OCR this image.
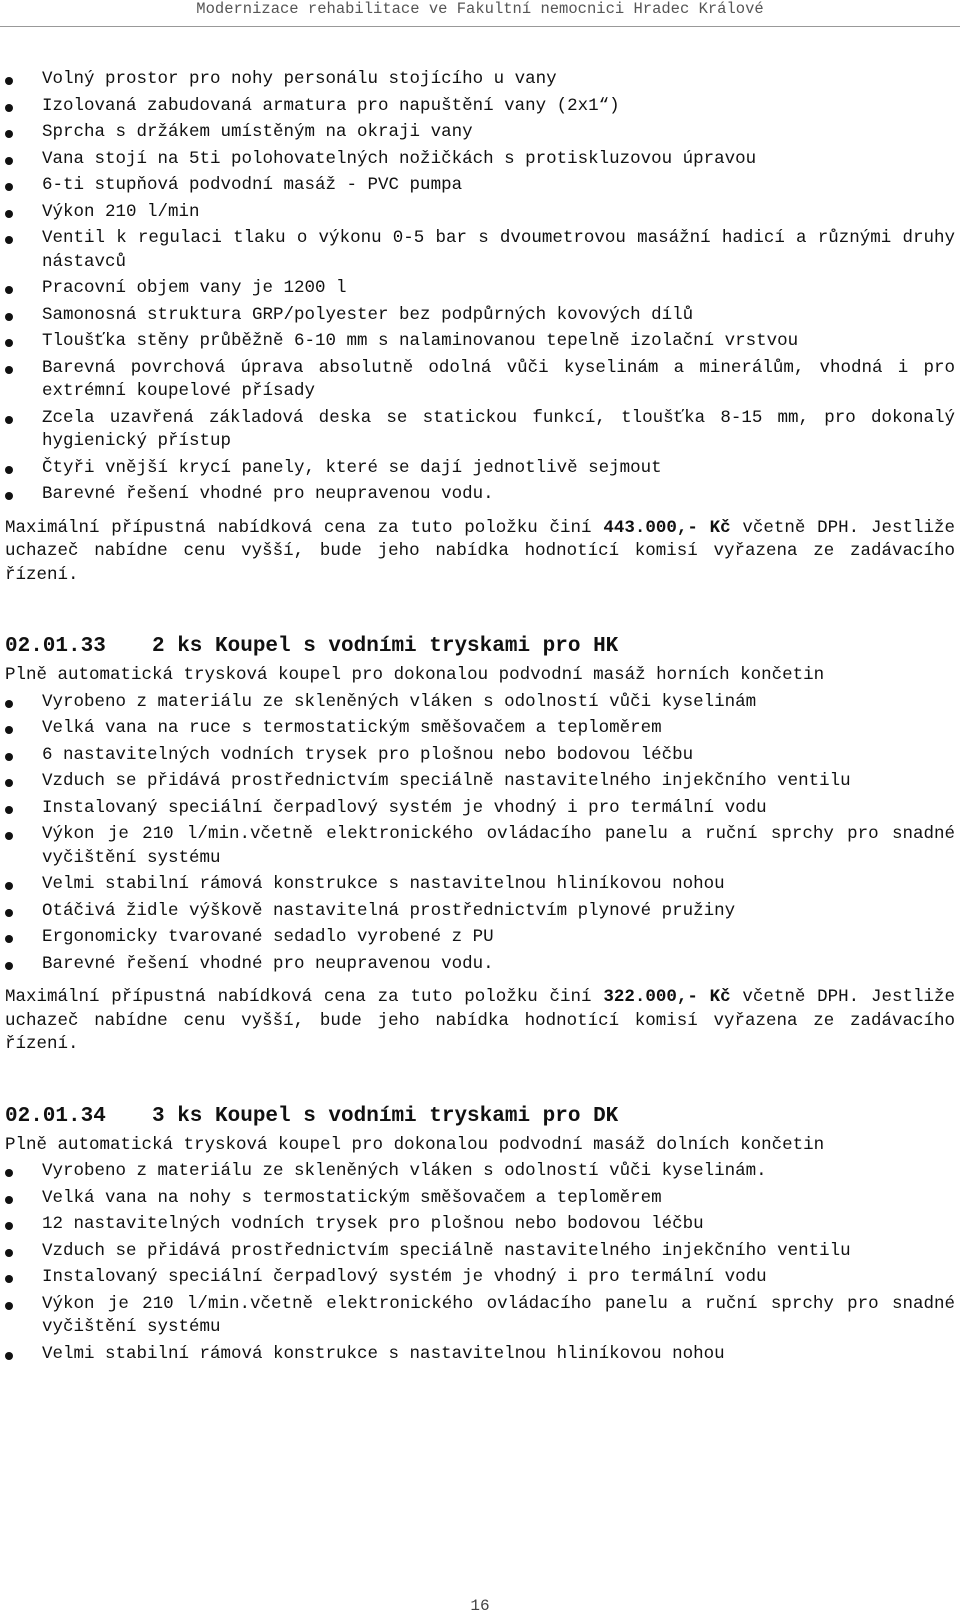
Modernizace rehabilitace ve Fakultní nemocnici Hradec Králové
Volný prostor pro nohy personálu stojícího u vany
Izolovaná zabudovaná armatura pro napuštění vany (2x1“)
Sprcha s držákem umístěným na okraji vany
Vana stojí na 5ti polohovatelných nožičkách s protiskluzovou úpravou
6-ti stupňová podvodní masáž - PVC pumpa
Výkon 210 l/min
Ventil k regulaci tlaku o výkonu 0-5 bar s dvoumetrovou masážní hadicí a různými druhy nástavců
Pracovní objem vany je 1200 l
Samonosná struktura GRP/polyester bez podpůrných kovových dílů
Tloušťka stěny průběžně 6-10 mm s nalaminovanou tepelně izolační vrstvou
Barevná povrchová úprava absolutně odolná vůči kyselinám a minerálům, vhodná i pro extrémní koupelové přísady
Zcela uzavřená základová deska se statickou funkcí, tloušťka 8-15 mm, pro dokonalý hygienický přístup
Čtyři vnější krycí panely, které se dají jednotlivě sejmout
Barevné řešení vhodné pro neupravenou vodu.

Maximální přípustná nabídková cena za tuto položku činí 443.000,- Kč včetně DPH. Jestliže uchazeč nabídne cenu vyšší, bude jeho nabídka hodnotící komisí vyřazena ze zadávacího řízení.

02.01.33	2 ks Koupel s vodními tryskami pro HK

Plně automatická trysková koupel pro dokonalou podvodní masáž horních končetin

Vyrobeno z materiálu ze skleněných vláken s odolností vůči kyselinám
Velká vana na ruce s termostatickým směšovačem a teploměrem
6 nastavitelných vodních trysek pro plošnou nebo bodovou léčbu
Vzduch se přidává prostřednictvím speciálně nastavitelného injekčního ventilu
Instalovaný speciální čerpadlový systém je vhodný i pro termální vodu
Výkon je 210 l/min.včetně elektronického ovládacího panelu a ruční sprchy pro snadné vyčištění systému
Velmi stabilní rámová konstrukce s nastavitelnou hliníkovou nohou
Otáčivá židle výškově nastavitelná prostřednictvím plynové pružiny
Ergonomicky tvarované sedadlo vyrobené z PU
Barevné řešení vhodné pro neupravenou vodu.

Maximální přípustná nabídková cena za tuto položku činí 322.000,- Kč včetně DPH. Jestliže uchazeč nabídne cenu vyšší, bude jeho nabídka hodnotící komisí vyřazena ze zadávacího řízení.

02.01.34	3 ks Koupel s vodními tryskami pro DK

Plně automatická trysková koupel pro dokonalou podvodní masáž dolních končetin

Vyrobeno z materiálu ze skleněných vláken s odolností vůči kyselinám.
Velká vana na nohy s termostatickým směšovačem a teploměrem
12 nastavitelných vodních trysek pro plošnou nebo bodovou léčbu
Vzduch se přidává prostřednictvím speciálně nastavitelného injekčního ventilu
Instalovaný speciální čerpadlový systém je vhodný i pro termální vodu
Výkon je 210 l/min.včetně elektronického ovládacího panelu a ruční sprchy pro snadné vyčištění systému
Velmi stabilní rámová konstrukce s nastavitelnou hliníkovou nohou
16
